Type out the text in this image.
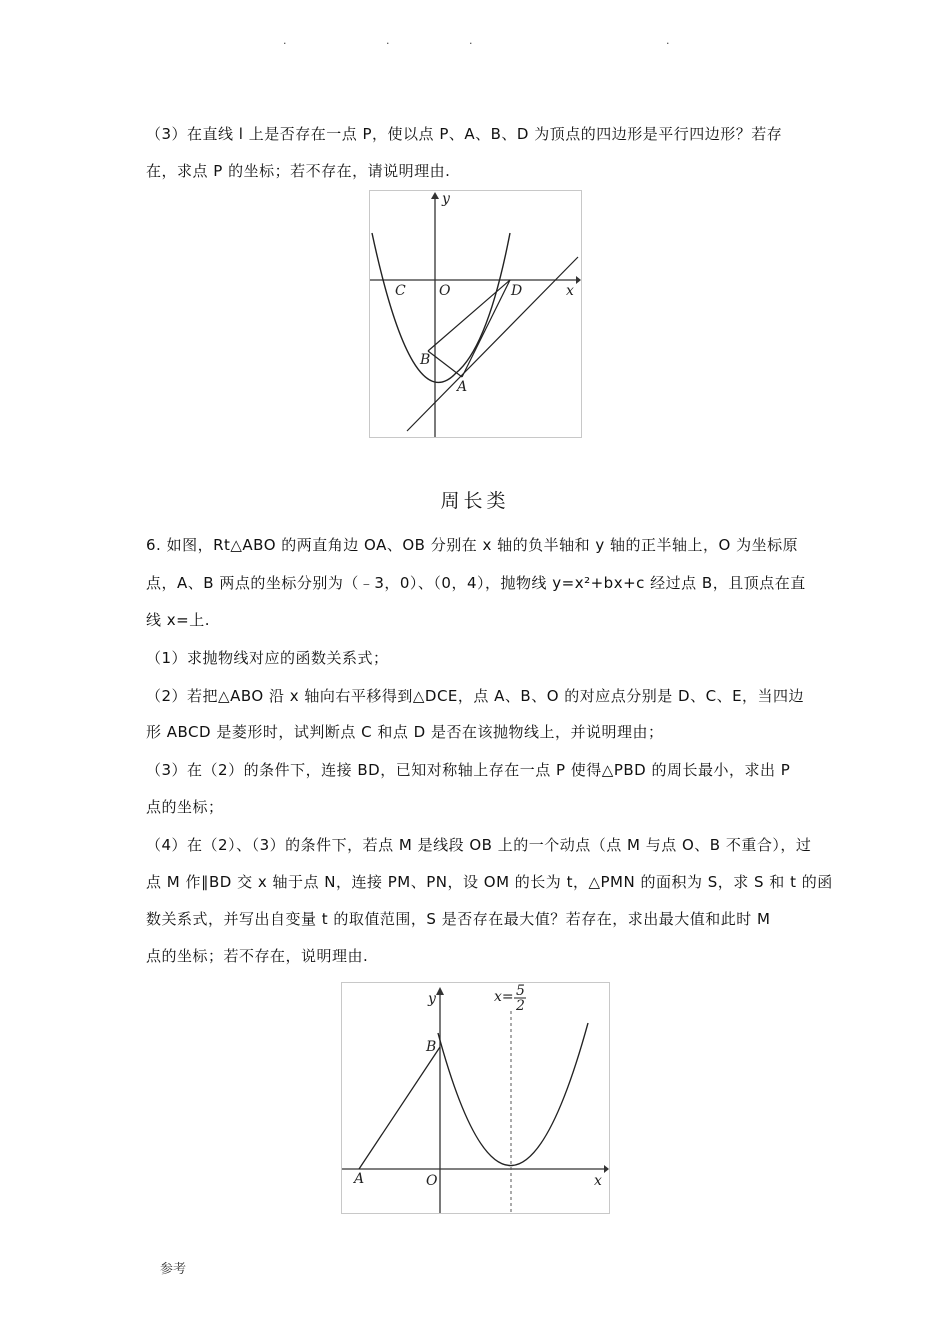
.	.	.	.
（3）在直线 l 上是否存在一点 P，使以点 P、A、B、D 为顶点的四边形是平行四边形？若存
在，求点 P 的坐标；若不存在，请说明理由.
y
x
C O	D
B
A
周长类
6. 如图，Rt△ABO 的两直角边 OA、OB 分别在 x 轴的负半轴和 y 轴的正半轴上，O 为坐标原
点，A、B 两点的坐标分别为（﹣3，0）、（0，4），抛物线 y=x²+bx+c 经过点 B，且顶点在直
线 x=上.
（1）求抛物线对应的函数关系式；
（2）若把△ABO 沿 x 轴向右平移得到△DCE，点 A、B、O 的对应点分别是 D、C、E，当四边
形 ABCD 是菱形时，试判断点 C 和点 D 是否在该抛物线上，并说明理由；
（3）在（2）的条件下，连接 BD，已知对称轴上存在一点 P 使得△PBD 的周长最小，求出 P
点的坐标；
（4）在（2）、（3）的条件下，若点 M 是线段 OB 上的一个动点（点 M 与点 O、B 不重合），过
点 M 作∥BD 交 x 轴于点 N，连接 PM、PN，设 OM 的长为 t，△PMN 的面积为 S，求 S 和 t 的函
数关系式，并写出自变量 t 的取值范围，S 是否存在最大值？若存在，求出最大值和此时 M
点的坐标；若不存在，说明理由.
y	x= 5
2
B
A	O	x
参考
